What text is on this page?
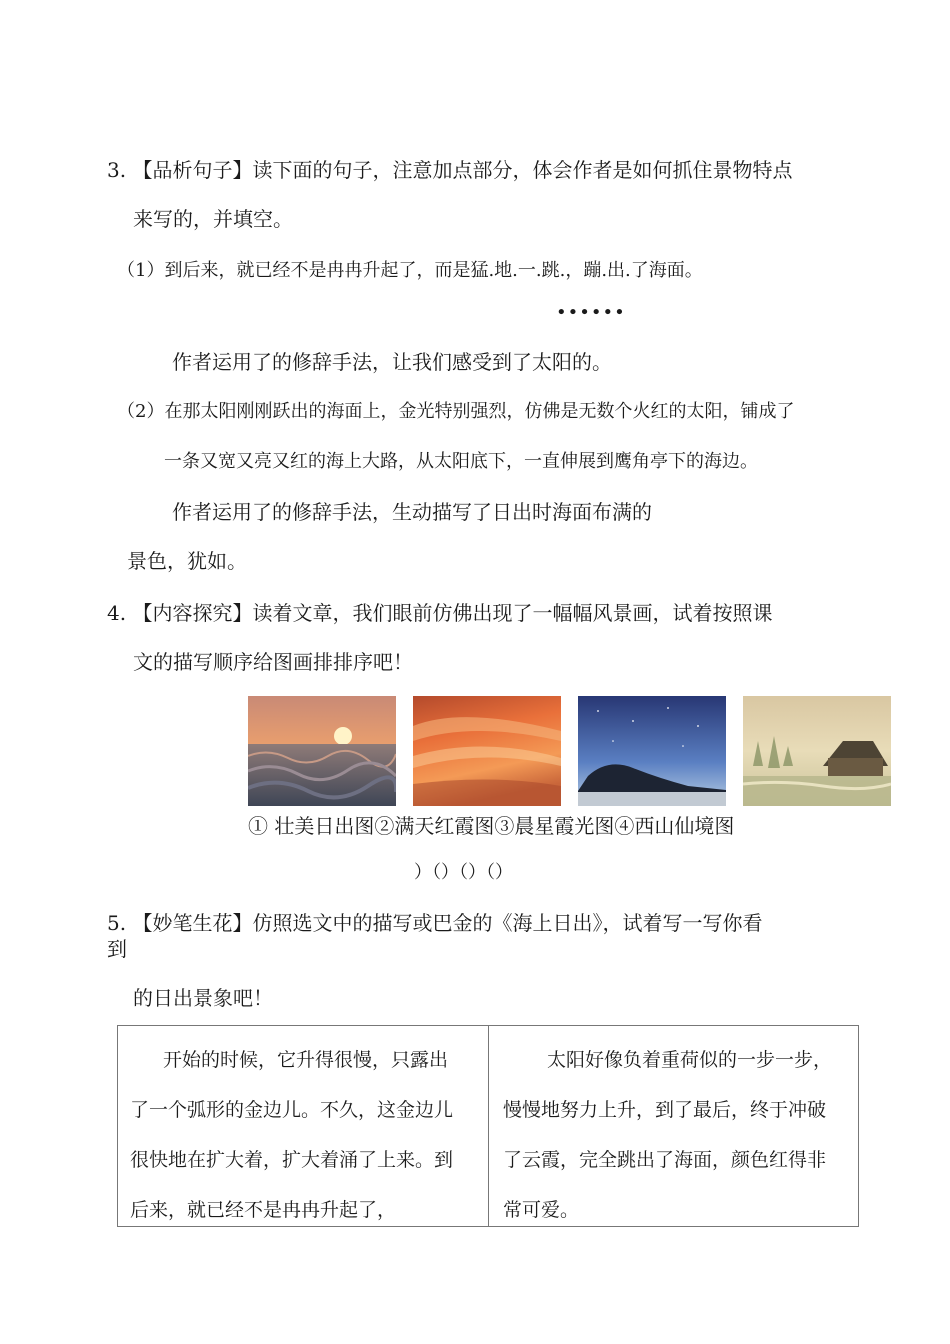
3. 【品析句子】读下面的句子，注意加点部分，体会作者是如何抓住景物特点
来写的，并填空。
（1）到后来，就已经不是冉冉升起了，而是猛.地.一.跳.，蹦.出.了海面。
••••••
作者运用了的修辞手法，让我们感受到了太阳的。
（2）在那太阳刚刚跃出的海面上，金光特别强烈，仿佛是无数个火红的太阳，铺成了
一条又宽又亮又红的海上大路，从太阳底下，一直伸展到鹰角亭下的海边。
作者运用了的修辞手法，生动描写了日出时海面布满的
景色，犹如。
4. 【内容探究】读着文章，我们眼前仿佛出现了一幅幅风景画，试着按照课
文的描写顺序给图画排排序吧！
① 壮美日出图②满天红霞图③晨星霞光图④西山仙境图
）（）（）（）
5. 【妙笔生花】仿照选文中的描写或巴金的《海上日出》，试着写一写你看
到
的日出景象吧！
开始的时候，它升得很慢，只露出
了一个弧形的金边儿。不久，这金边儿
很快地在扩大着，扩大着涌了上来。到
后来，就已经不是冉冉升起了，
太阳好像负着重荷似的一步一步，
慢慢地努力上升，到了最后，终于冲破
了云霞，完全跳出了海面，颜色红得非
常可爱。
